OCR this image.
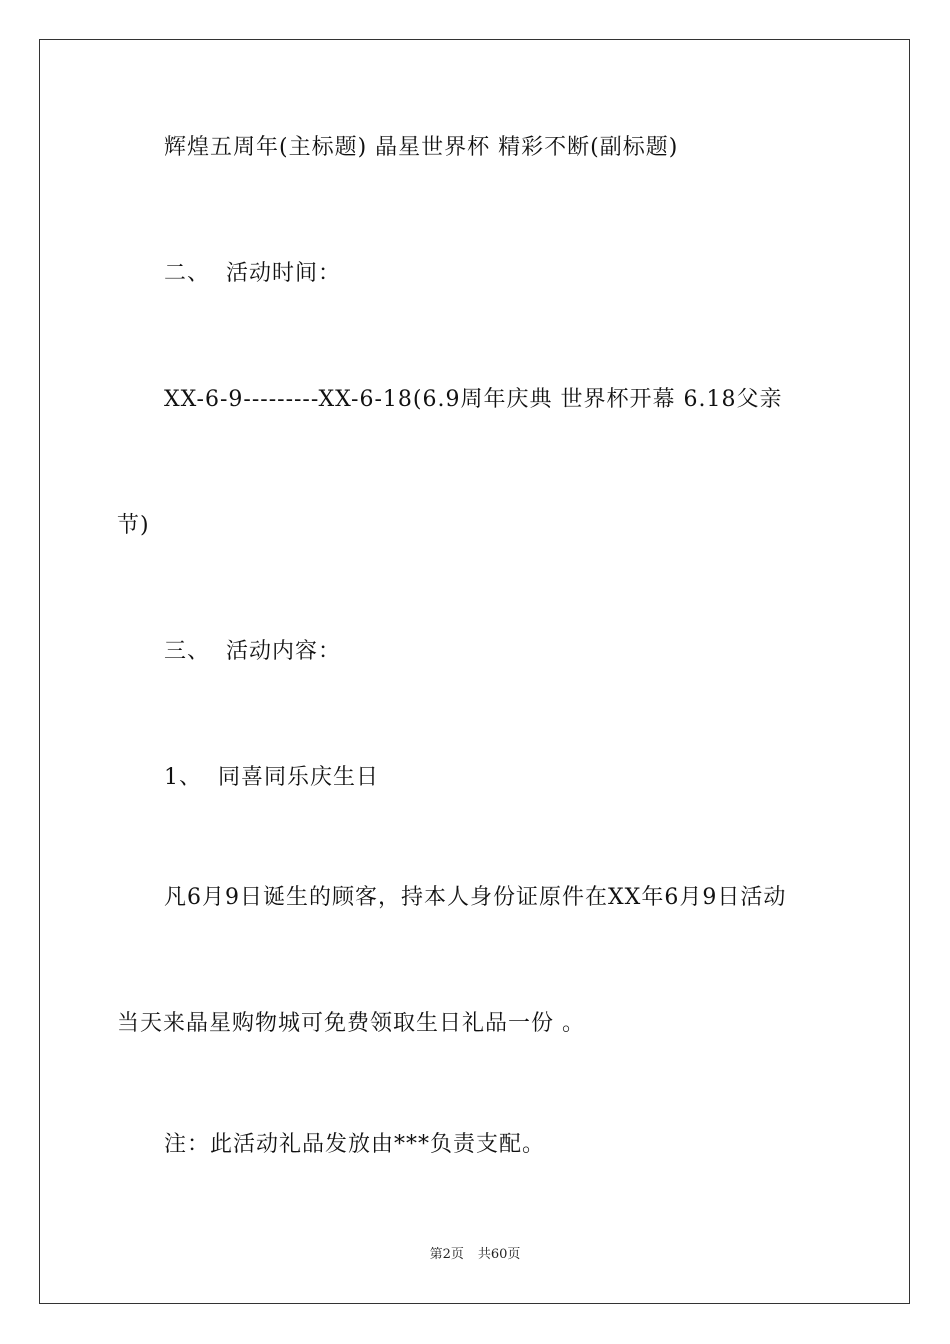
辉煌五周年(主标题) 晶星世界杯 精彩不断(副标题)
二、  活动时间：
XX-6-9---------XX-6-18(6.9周年庆典 世界杯开幕 6.18父亲
节)
三、  活动内容：
1、  同喜同乐庆生日
凡6月9日诞生的顾客，持本人身份证原件在XX年6月9日活动
当天来晶星购物城可免费领取生日礼品一份 。
注：此活动礼品发放由***负责支配。
第2页 共60页
